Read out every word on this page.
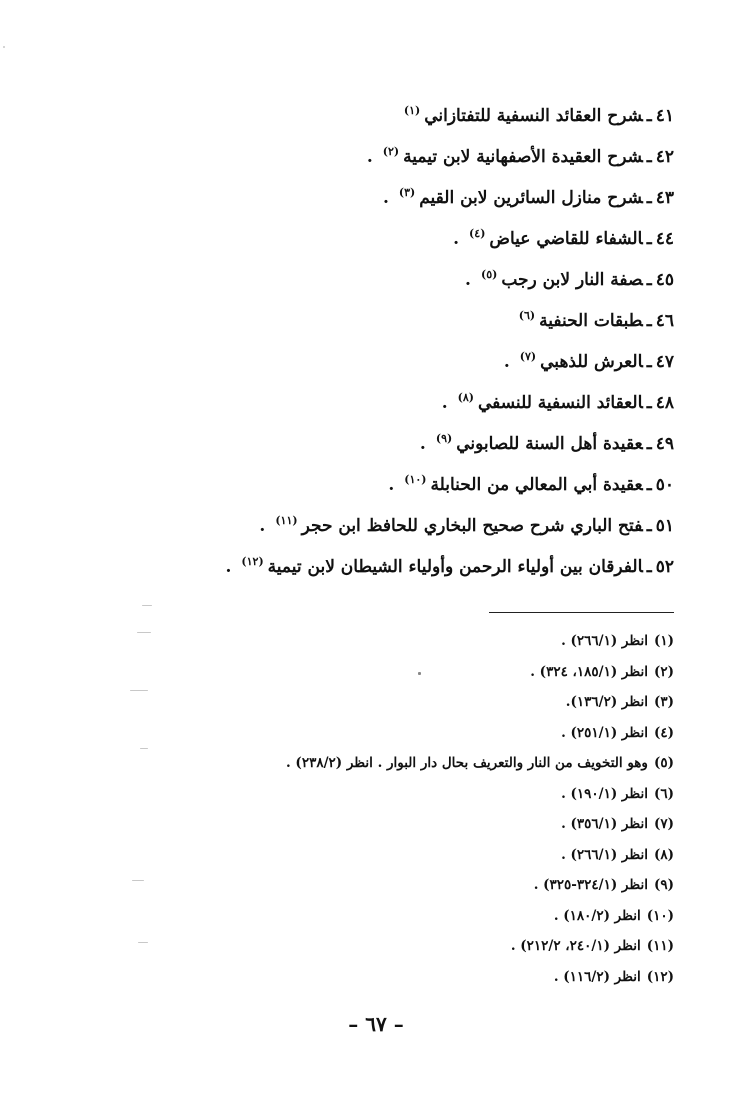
٤١ـشرح العقائد النسفية للتفتازاني$^{(١)}$
٤٢ـشرح العقيدة الأصفهانية لابن تيمية$^{(٢)}$.
٤٣ـشرح منازل السائرين لابن القيم$^{(٣)}$.
٤٤ـالشفاء للقاضي عياض$^{(٤)}$.
٤٥ـصفة النار لابن رجب$^{(٥)}$.
٤٦ـطبقات الحنفية$^{(٦)}$
٤٧ـالعرش للذهبي$^{(٧)}$.
٤٨ـالعقائد النسفية للنسفي$^{(٨)}$.
٤٩ـعقيدة أهل السنة للصابوني$^{(٩)}$.
٥٠ـعقيدة أبي المعالي من الحنابلة$^{(١٠)}$.
٥١ـفتح الباري شرح صحيح البخاري للحافظ ابن حجر$^{(١١)}$.
٥٢ـالفرقان بين أولياء الرحمن وأولياء الشيطان لابن تيمية$^{(١٢)}$.
(١)انظر (٢٦٦/١) .
(٢)انظر (١٨٥/١، ٣٢٤) .
(٣)انظر (١٣٦/٢).
(٤)انظر (٢٥١/١) .
(٥)وهو التخويف من النار والتعريف بحال دار البوار . انظر (٢٣٨/٢) .
(٦)انظر (١٩٠/١) .
(٧)انظر (٣٥٦/١) .
(٨)انظر (٢٦٦/١) .
(٩)انظر (٣٢٤/١-٣٢٥) .
(١٠)انظر (١٨٠/٢) .
(١١)انظر (٢٤٠/١، ٢١٢/٢) .
(١٢)انظر (١١٦/٢) .
– ٦٧ –
